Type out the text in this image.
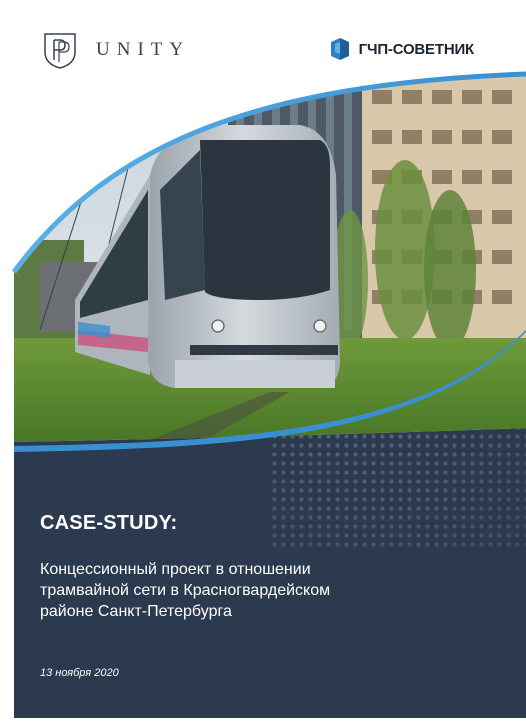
UNITY	ГЧП-СОВЕТНИК
CASE-STUDY:

Концессионный проект в отношении трамвайной сети в Красногвардейском районе Санкт-Петербурга

13 ноября 2020
